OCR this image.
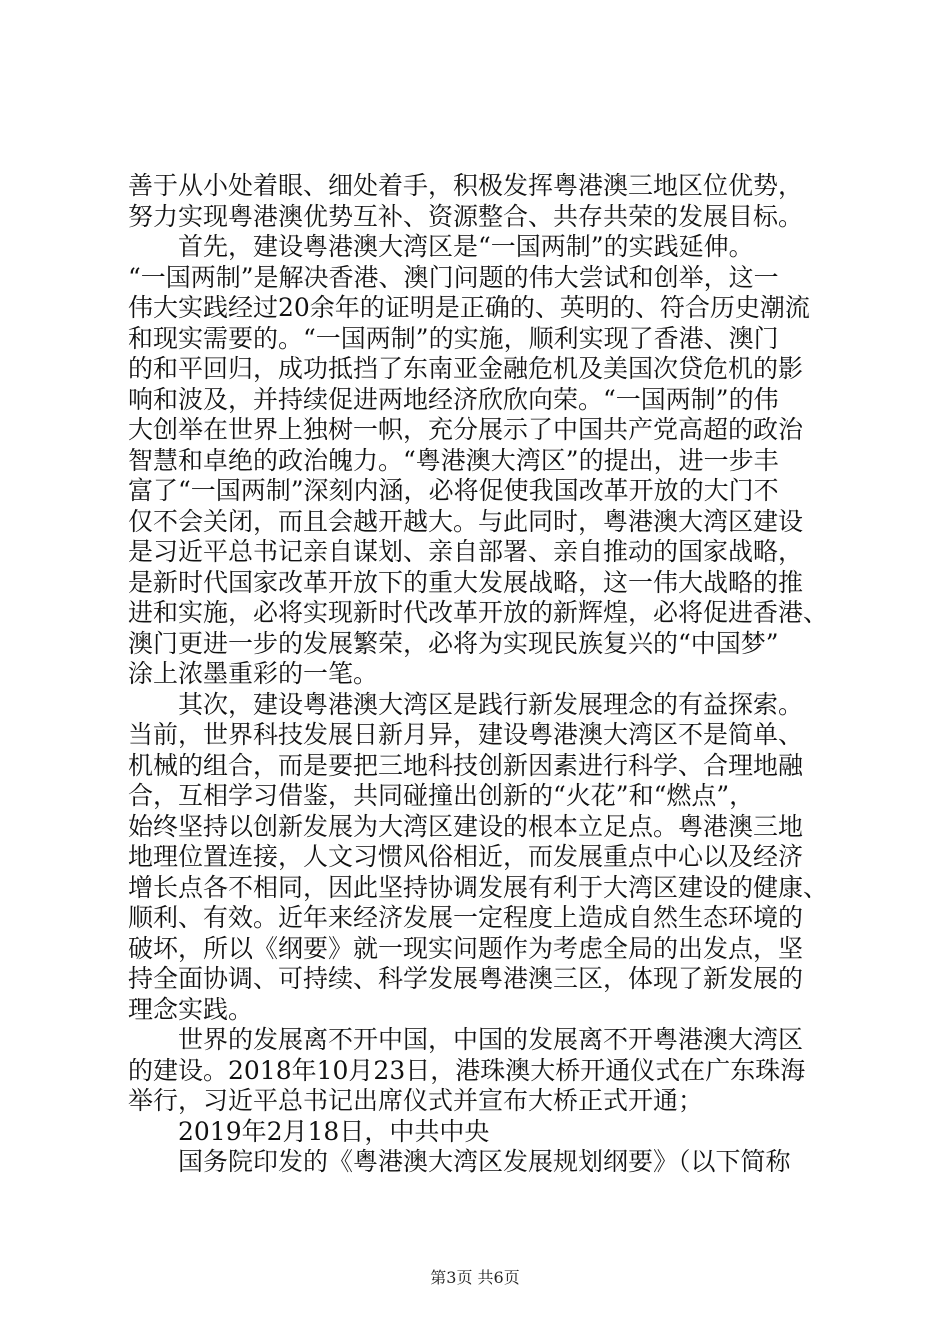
善于从小处着眼、细处着手，积极发挥粤港澳三地区位优势，
努力实现粤港澳优势互补、资源整合、共存共荣的发展目标。
首先，建设粤港澳大湾区是“一国两制”的实践延伸。
“一国两制”是解决香港、澳门问题的伟大尝试和创举，这一
伟大实践经过20余年的证明是正确的、英明的、符合历史潮流
和现实需要的。“一国两制”的实施，顺利实现了香港、澳门
的和平回归，成功抵挡了东南亚金融危机及美国次贷危机的影
响和波及，并持续促进两地经济欣欣向荣。“一国两制”的伟
大创举在世界上独树一帜，充分展示了中国共产党高超的政治
智慧和卓绝的政治魄力。“粤港澳大湾区”的提出，进一步丰
富了“一国两制”深刻内涵，必将促使我国改革开放的大门不
仅不会关闭，而且会越开越大。与此同时，粤港澳大湾区建设
是习近平总书记亲自谋划、亲自部署、亲自推动的国家战略，
是新时代国家改革开放下的重大发展战略，这一伟大战略的推
进和实施，必将实现新时代改革开放的新辉煌，必将促进香港、
澳门更进一步的发展繁荣，必将为实现民族复兴的“中国梦”
涂上浓墨重彩的一笔。
其次，建设粤港澳大湾区是践行新发展理念的有益探索。
当前，世界科技发展日新月异，建设粤港澳大湾区不是简单、
机械的组合，而是要把三地科技创新因素进行科学、合理地融
合，互相学习借鉴，共同碰撞出创新的“火花”和“燃点”，
始终坚持以创新发展为大湾区建设的根本立足点。粤港澳三地
地理位置连接，人文习惯风俗相近，而发展重点中心以及经济
增长点各不相同，因此坚持协调发展有利于大湾区建设的健康、
顺利、有效。近年来经济发展一定程度上造成自然生态环境的
破坏，所以《纲要》就一现实问题作为考虑全局的出发点，坚
持全面协调、可持续、科学发展粤港澳三区，体现了新发展的
理念实践。
世界的发展离不开中国，中国的发展离不开粤港澳大湾区
的建设。2018年10月23日，港珠澳大桥开通仪式在广东珠海
举行，习近平总书记出席仪式并宣布大桥正式开通；
2019年2月18日，中共中央
国务院印发的《粤港澳大湾区发展规划纲要》（以下简称
第3页 共6页
